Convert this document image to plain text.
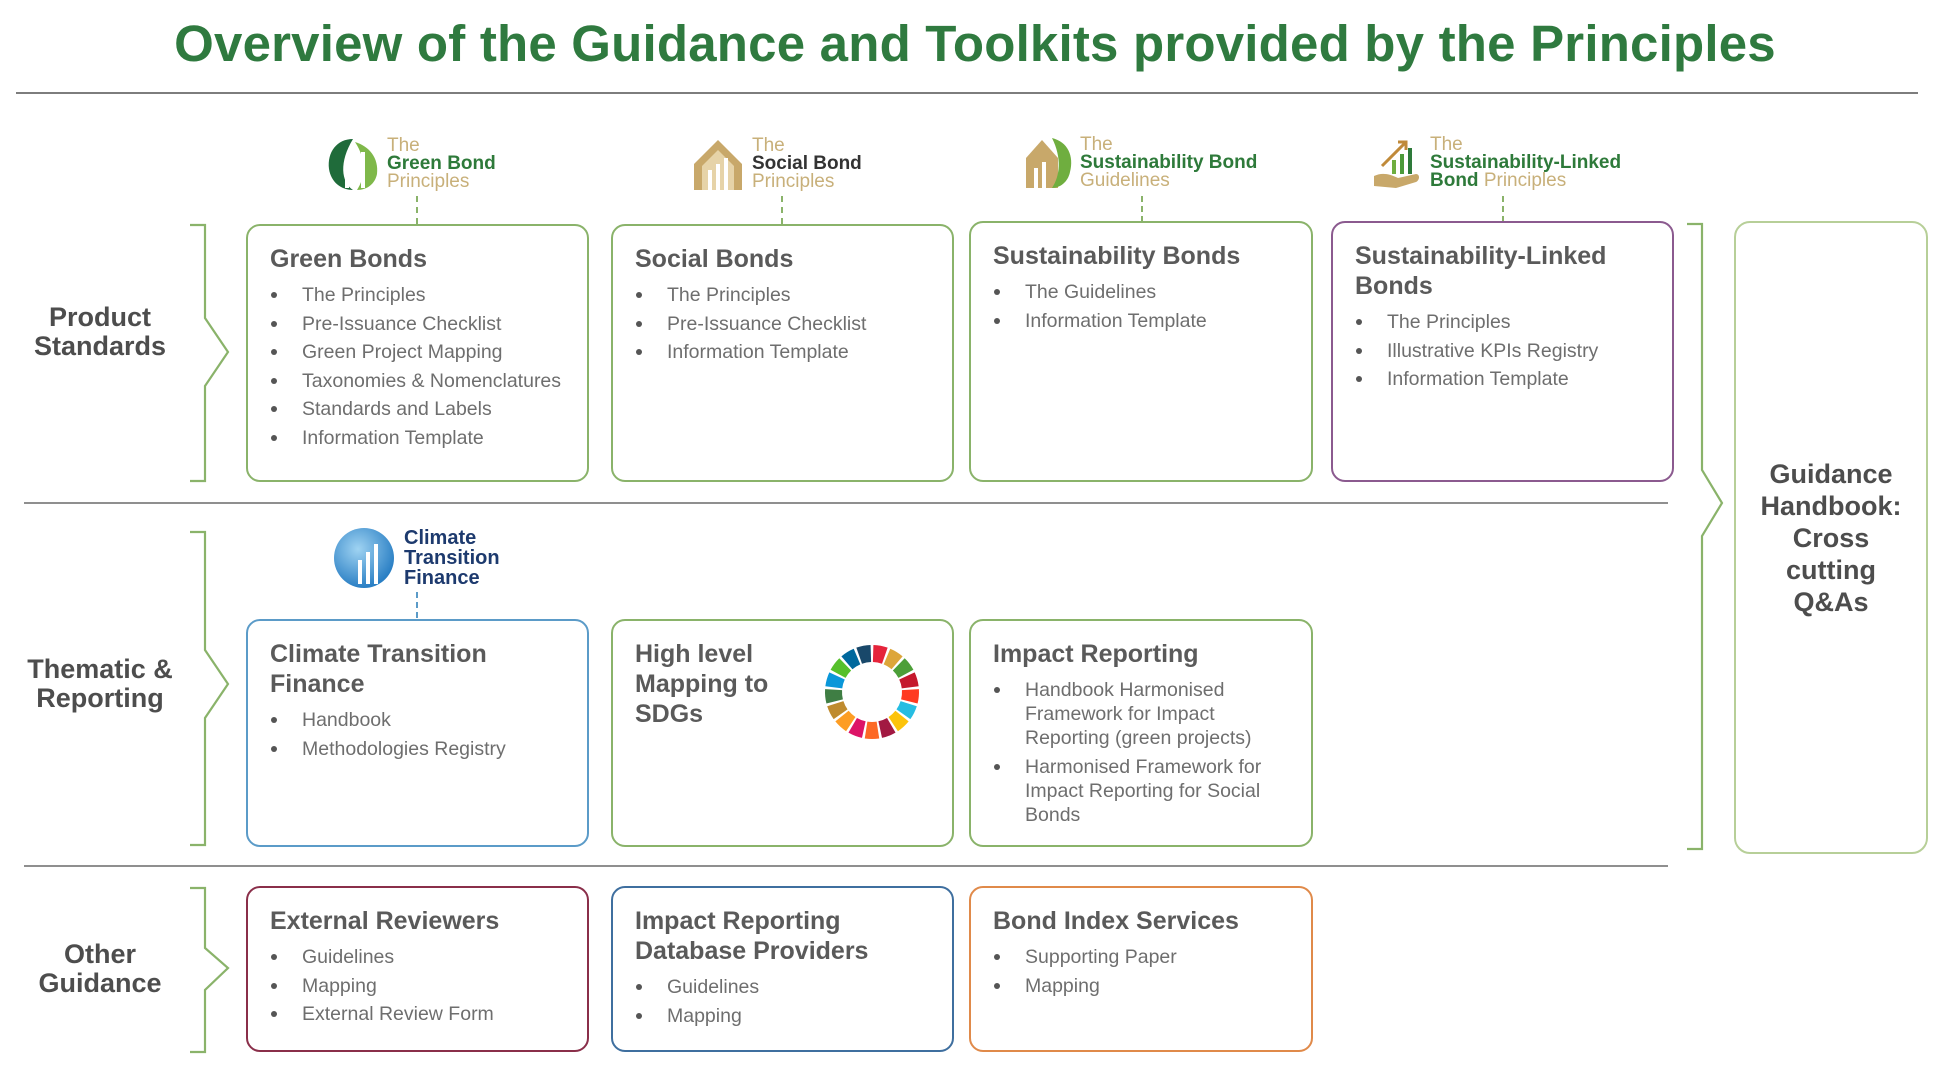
Overview of the Guidance and Toolkits provided by the Principles
Product Standards
Thematic & Reporting
Other Guidance
The
Green Bond
Principles
The
Social Bond
Principles
The
Sustainability Bond
Guidelines
The
Sustainability-Linked
Bond Principles
Climate
Transition
Finance
Green Bonds
The Principles
Pre-Issuance Checklist
Green Project Mapping
Taxonomies & Nomenclatures
Standards and Labels
Information Template
Social Bonds
The Principles
Pre-Issuance Checklist
Information Template
Sustainability Bonds
The Guidelines
Information Template
Sustainability-Linked Bonds
The Principles
Illustrative KPIs Registry
Information Template
Climate Transition Finance
Handbook
Methodologies Registry
High level Mapping to SDGs
Impact Reporting
Handbook Harmonised Framework for Impact Reporting (green projects)
Harmonised Framework for Impact Reporting for Social Bonds
External Reviewers
Guidelines
Mapping
External Review Form
Impact Reporting Database Providers
Guidelines
Mapping
Bond Index Services
Supporting Paper
Mapping
Guidance Handbook: Cross cutting Q&As
